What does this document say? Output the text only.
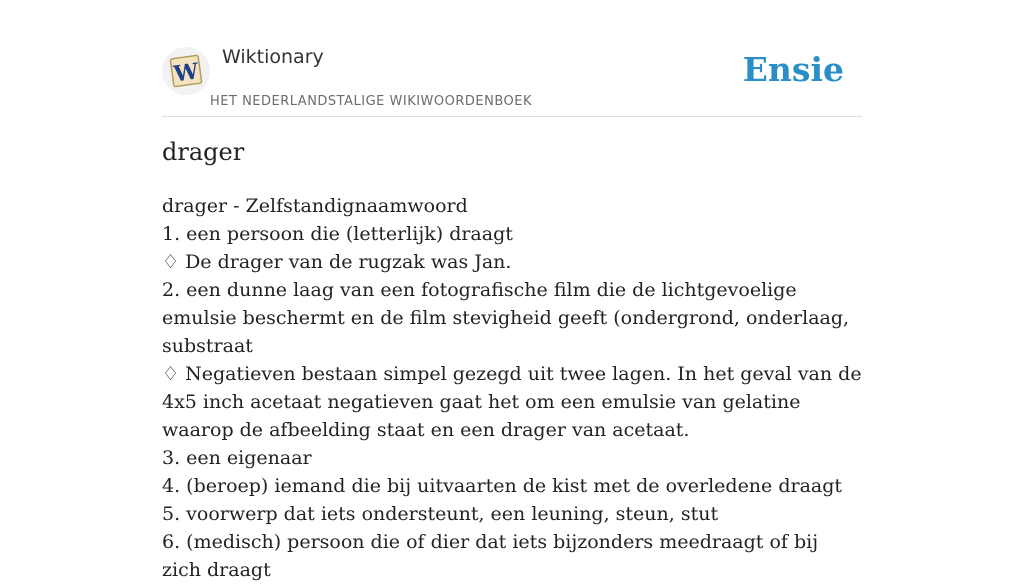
W
Wiktionary
HET NEDERLANDSTALIGE WIKIWOORDENBOEK
Ensie
drager
drager - Zelfstandignaamwoord
1. een persoon die (letterlijk) draagt
♢ De drager van de rugzak was Jan.
2. een dunne laag van een fotografische film die de lichtgevoelige emulsie beschermt en de film stevigheid geeft (ondergrond, onderlaag, substraat
♢ Negatieven bestaan simpel gezegd uit twee lagen. In het geval van de 4x5 inch acetaat negatieven gaat het om een emulsie van gelatine waarop de afbeelding staat en een drager van acetaat.
3. een eigenaar
4. (beroep) iemand die bij uitvaarten de kist met de overledene draagt
5. voorwerp dat iets ondersteunt, een leuning, steun, stut
6. (medisch) persoon die of dier dat iets bijzonders meedraagt of bij zich draagt
